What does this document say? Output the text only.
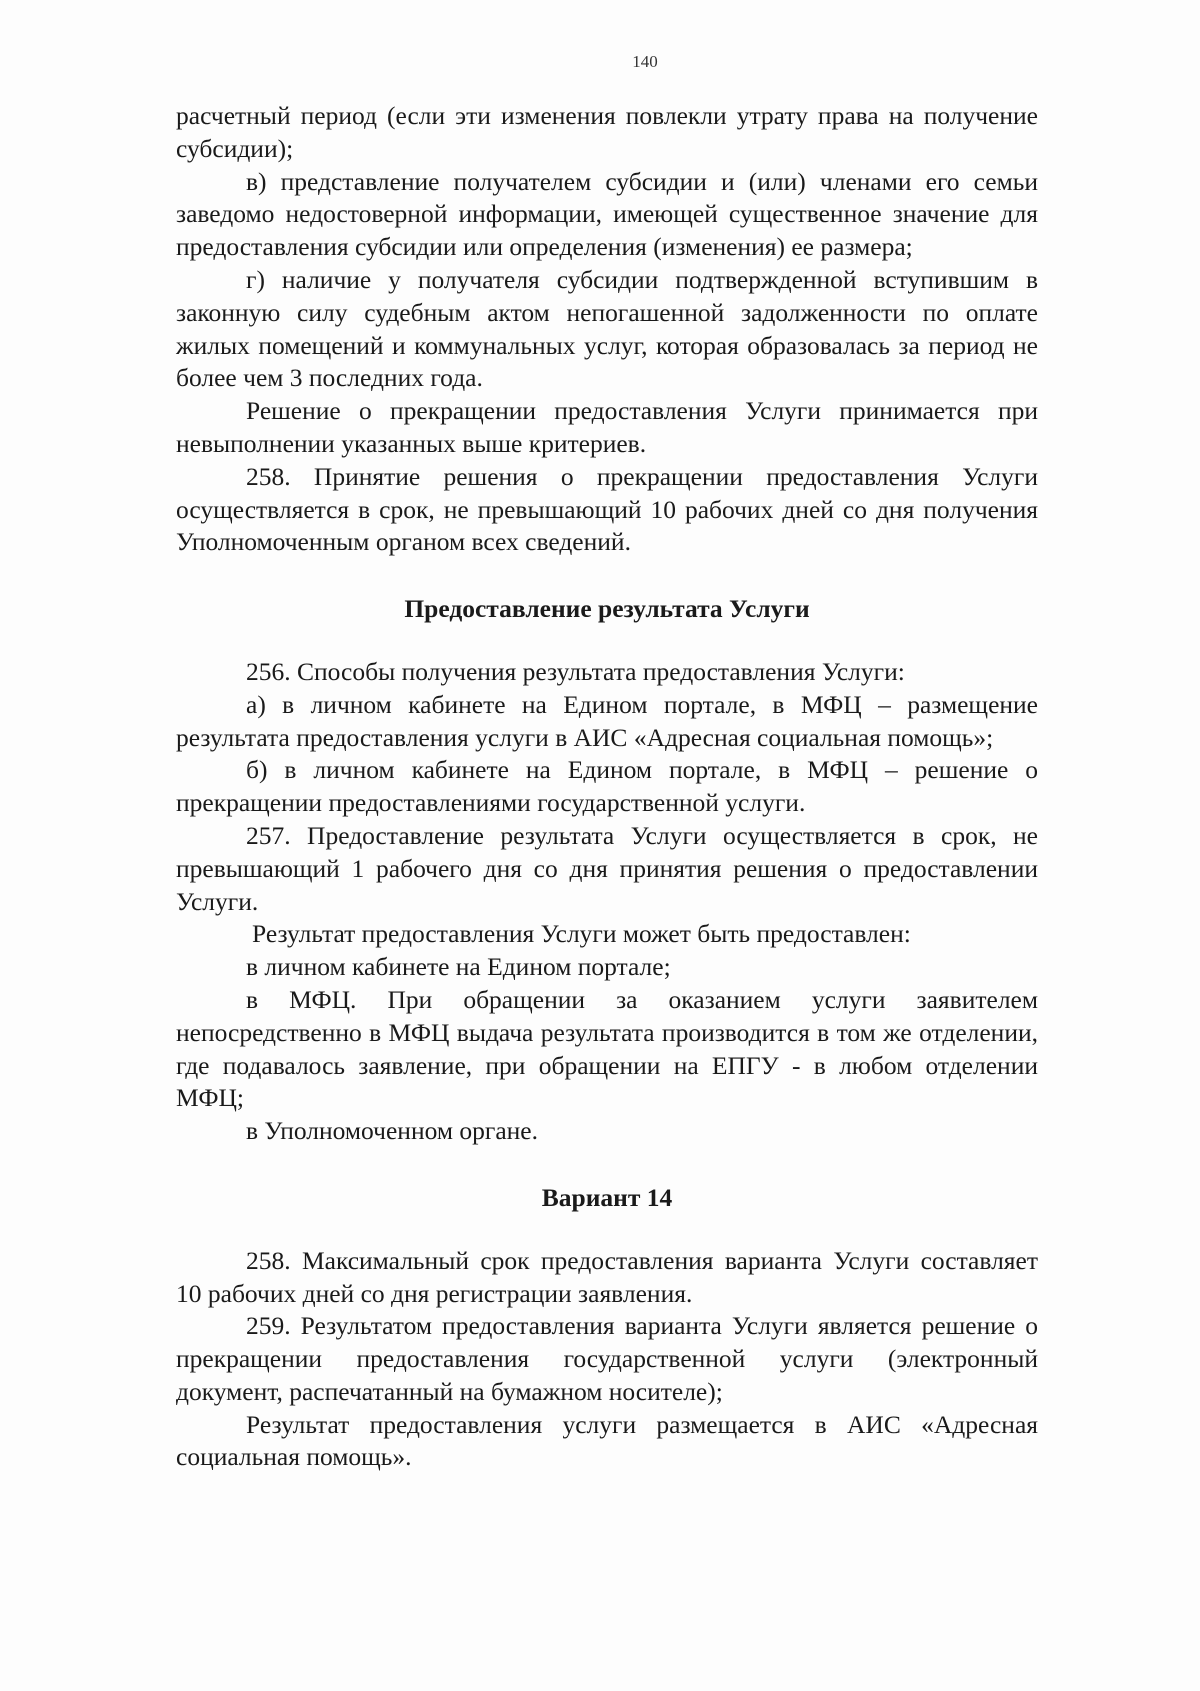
140

расчетный период (если эти изменения повлекли утрату права на получение субсидии);

в) представление получателем субсидии и (или) членами его семьи заведомо недостоверной информации, имеющей существенное значение для предоставления субсидии или определения (изменения) ее размера;

г) наличие у получателя субсидии подтвержденной вступившим в законную силу судебным актом непогашенной задолженности по оплате жилых помещений и коммунальных услуг, которая образовалась за период не более чем 3 последних года.

Решение о прекращении предоставления Услуги принимается при невыполнении указанных выше критериев.

258. Принятие решения о прекращении предоставления Услуги осуществляется в срок, не превышающий 10 рабочих дней со дня получения Уполномоченным органом всех сведений.

Предоставление результата Услуги

256. Способы получения результата предоставления Услуги:

а) в личном кабинете на Едином портале, в МФЦ – размещение результата предоставления услуги в АИС «Адресная социальная помощь»;

б) в личном кабинете на Едином портале, в МФЦ – решение о прекращении предоставлениями государственной услуги.

257. Предоставление результата Услуги осуществляется в срок, не превышающий 1 рабочего дня со дня принятия решения о предоставлении Услуги.

Результат предоставления Услуги может быть предоставлен:

в личном кабинете на Едином портале;

в МФЦ. При обращении за оказанием услуги заявителем непосредственно в МФЦ выдача результата производится в том же отделении, где подавалось заявление, при обращении на ЕПГУ - в любом отделении МФЦ;

в Уполномоченном органе.

Вариант 14

258. Максимальный срок предоставления варианта Услуги составляет 10 рабочих дней со дня регистрации заявления.

259. Результатом предоставления варианта Услуги является решение о прекращении предоставления государственной услуги (электронный документ, распечатанный на бумажном носителе);

Результат предоставления услуги размещается в АИС «Адресная социальная помощь».
